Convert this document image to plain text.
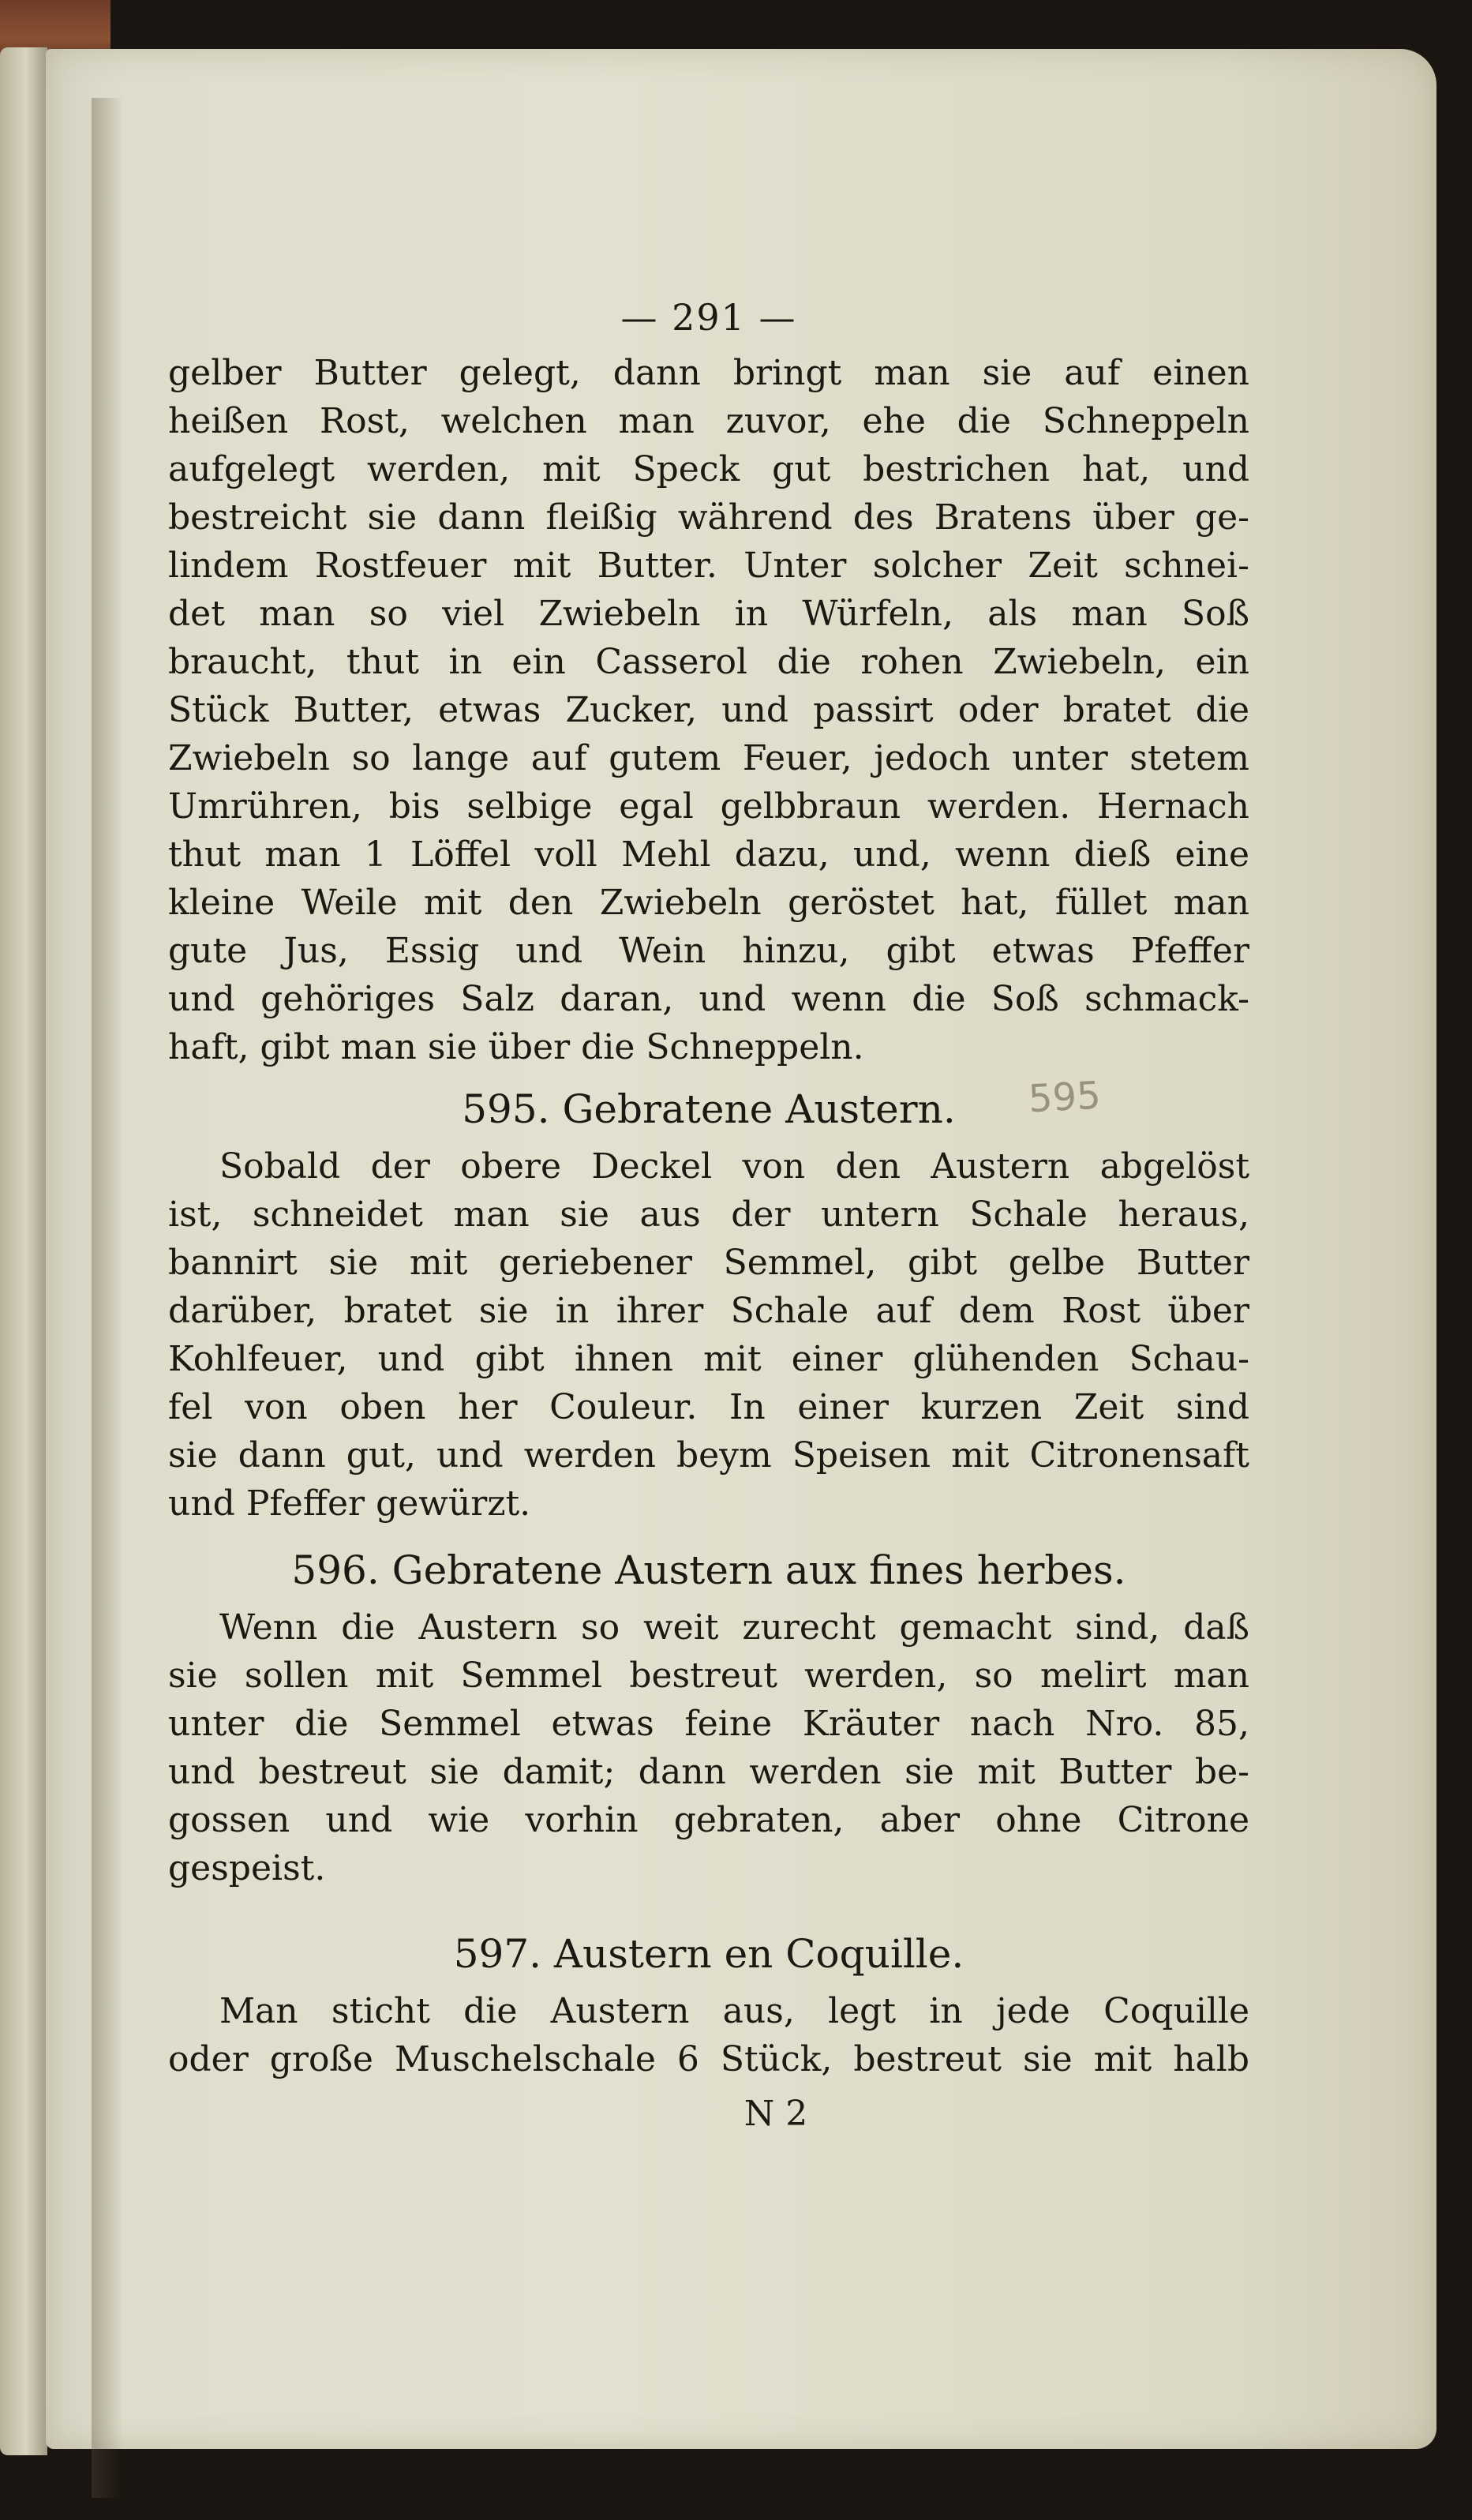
— 291 —
gelber Butter gelegt, dann bringt man sie auf einen
heißen Rost, welchen man zuvor, ehe die Schneppeln
aufgelegt werden, mit Speck gut bestrichen hat, und
bestreicht sie dann fleißig während des Bratens über ge-
lindem Rostfeuer mit Butter. Unter solcher Zeit schnei-
det man so viel Zwiebeln in Würfeln, als man Soß
braucht, thut in ein Casserol die rohen Zwiebeln, ein
Stück Butter, etwas Zucker, und passirt oder bratet die
Zwiebeln so lange auf gutem Feuer, jedoch unter stetem
Umrühren, bis selbige egal gelbbraun werden. Hernach
thut man 1 Löffel voll Mehl dazu, und, wenn dieß eine
kleine Weile mit den Zwiebeln geröstet hat, füllet man
gute Jus, Essig und Wein hinzu, gibt etwas Pfeffer
und gehöriges Salz daran, und wenn die Soß schmack-
haft, gibt man sie über die Schneppeln.
595. Gebratene Austern.
Sobald der obere Deckel von den Austern abgelöst
ist, schneidet man sie aus der untern Schale heraus,
bannirt sie mit geriebener Semmel, gibt gelbe Butter
darüber, bratet sie in ihrer Schale auf dem Rost über
Kohlfeuer, und gibt ihnen mit einer glühenden Schau-
fel von oben her Couleur. In einer kurzen Zeit sind
sie dann gut, und werden beym Speisen mit Citronensaft
und Pfeffer gewürzt.
596. Gebratene Austern aux fines herbes.
Wenn die Austern so weit zurecht gemacht sind, daß
sie sollen mit Semmel bestreut werden, so melirt man
unter die Semmel etwas feine Kräuter nach Nro. 85,
und bestreut sie damit; dann werden sie mit Butter be-
gossen und wie vorhin gebraten, aber ohne Citrone
gespeist.
597. Austern en Coquille.
Man sticht die Austern aus, legt in jede Coquille
oder große Muschelschale 6 Stück, bestreut sie mit halb
N 2
595
